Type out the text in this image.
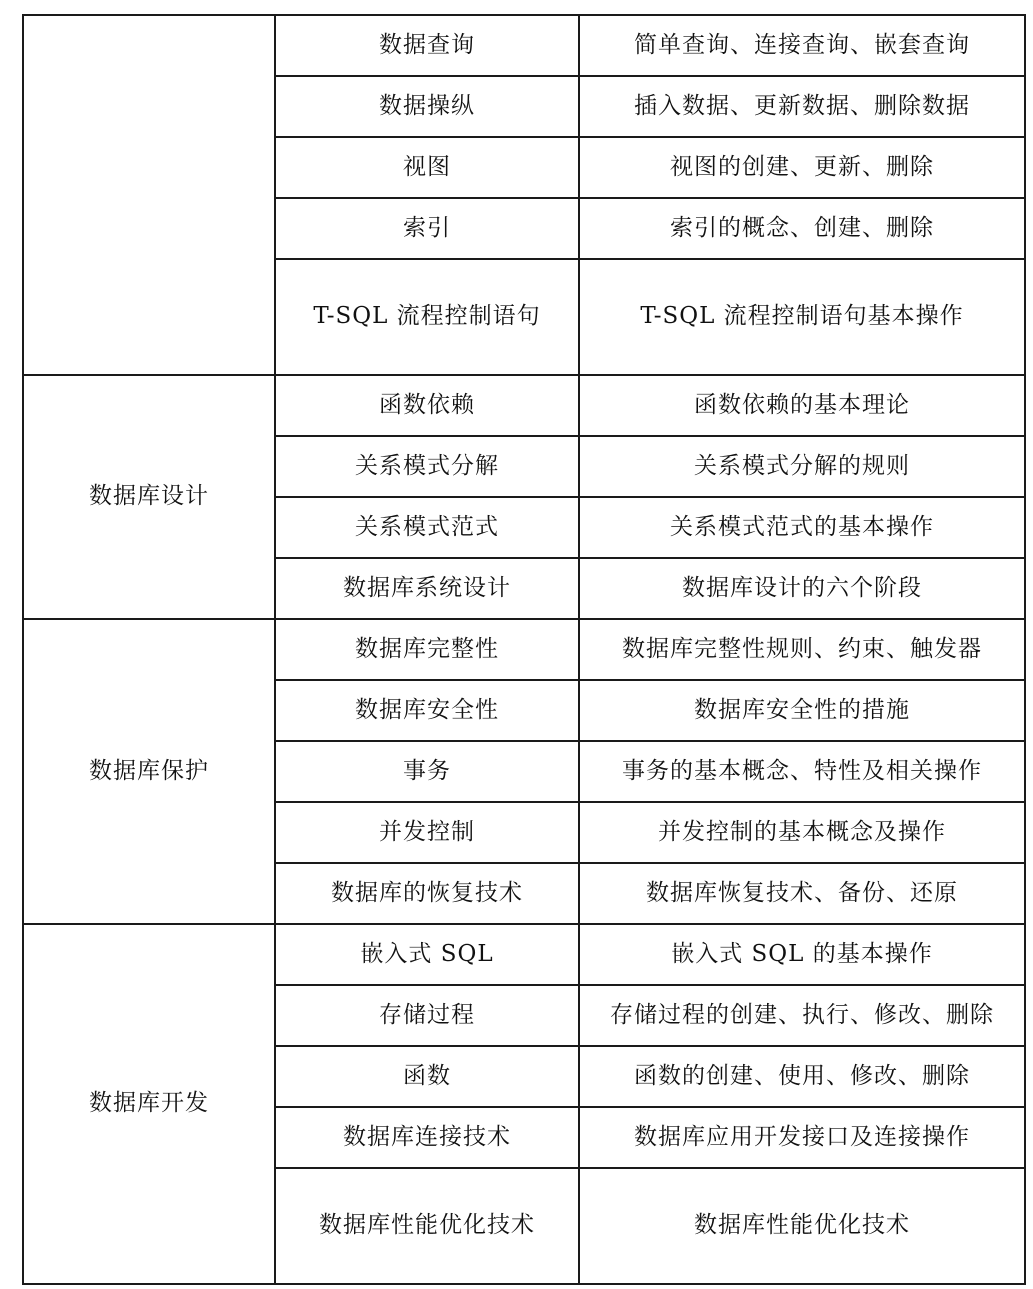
	数据查询	简单查询、连接查询、嵌套查询
	数据操纵	插入数据、更新数据、删除数据
	视图	视图的创建、更新、删除
	索引	索引的概念、创建、删除
	T-SQL 流程控制语句	T-SQL 流程控制语句基本操作
数据库设计	函数依赖	函数依赖的基本理论
	关系模式分解	关系模式分解的规则
	关系模式范式	关系模式范式的基本操作
	数据库系统设计	数据库设计的六个阶段
数据库保护	数据库完整性	数据库完整性规则、约束、触发器
	数据库安全性	数据库安全性的措施
	事务	事务的基本概念、特性及相关操作
	并发控制	并发控制的基本概念及操作
	数据库的恢复技术	数据库恢复技术、备份、还原
数据库开发	嵌入式 SQL	嵌入式 SQL 的基本操作
	存储过程	存储过程的创建、执行、修改、删除
	函数	函数的创建、使用、修改、删除
	数据库连接技术	数据库应用开发接口及连接操作
	数据库性能优化技术	数据库性能优化技术
